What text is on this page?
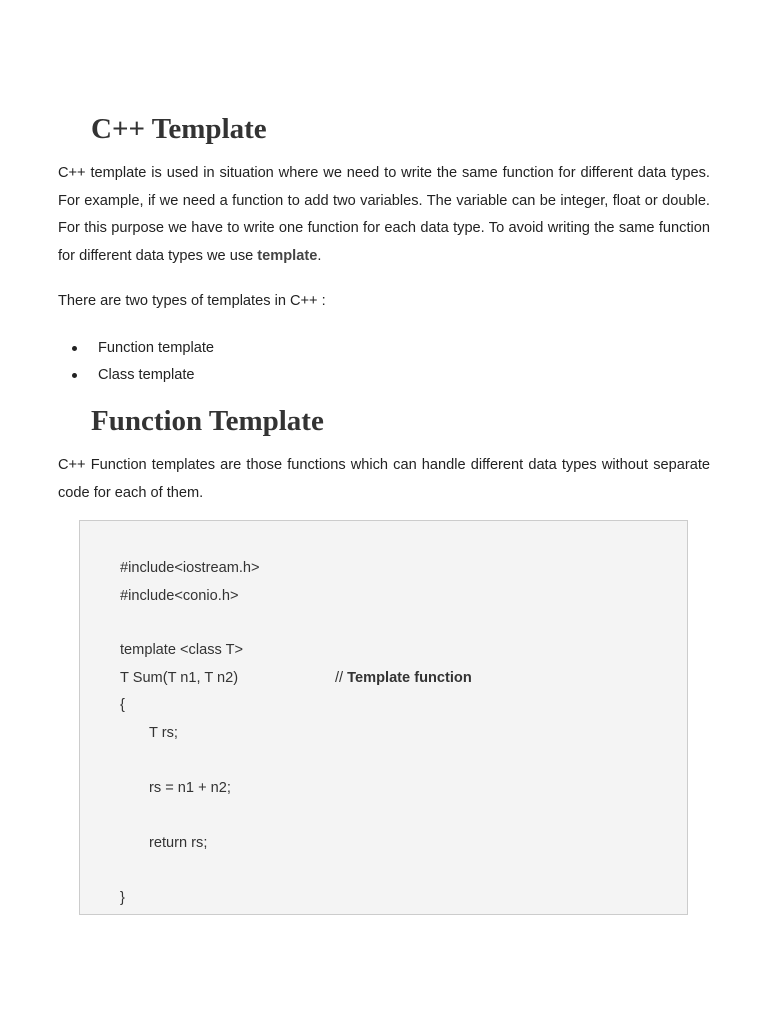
C++ Template

C++ template is used in situation where we need to write the same function for different data types. For example, if we need a function to add two variables. The variable can be integer, float or double. For this purpose we have to write one function for each data type. To avoid writing the same function for different data types we use template.

There are two types of templates in C++ :

Function template
Class template
Function Template

C++ Function templates are those functions which can handle different data types without separate code for each of them.

#include<iostream.h>
#include<conio.h>
template <class T>
T Sum(T n1, T n2)	// Template function
{
T rs;
rs = n1 + n2;
return rs;
}
